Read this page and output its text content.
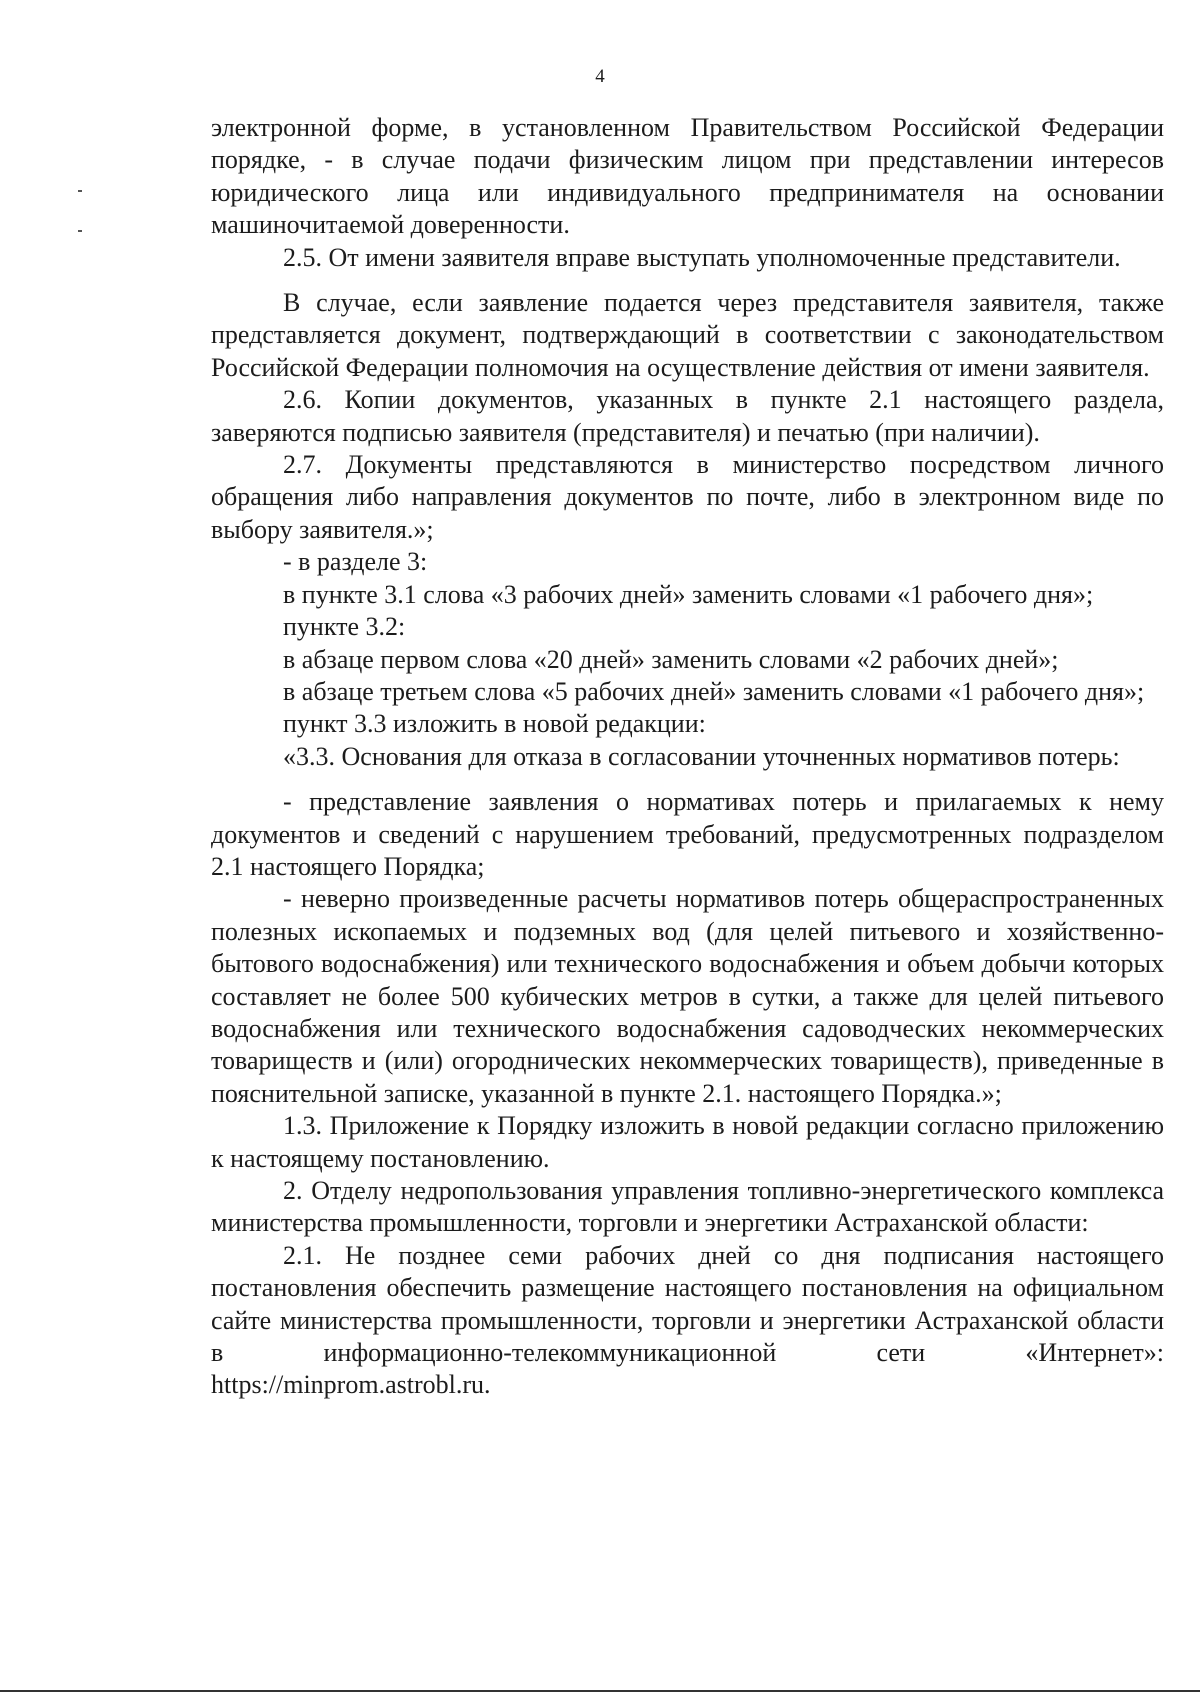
4

электронной форме, в установленном Правительством Российской Федерации порядке, - в случае подачи физическим лицом при представлении интересов юридического лица или индивидуального предпринимателя на основании машиночитаемой доверенности.

2.5. От имени заявителя вправе выступать уполномоченные представители.

В случае, если заявление подается через представителя заявителя, также представляется документ, подтверждающий в соответствии с законодательством Российской Федерации полномочия на осуществление действия от имени заявителя.

2.6. Копии документов, указанных в пункте 2.1 настоящего раздела, заверяются подписью заявителя (представителя) и печатью (при наличии).

2.7. Документы представляются в министерство посредством личного обращения либо направления документов по почте, либо в электронном виде по выбору заявителя.»;

- в разделе 3:

в пункте 3.1 слова «3 рабочих дней» заменить словами «1 рабочего дня»;

пункте 3.2:

в абзаце первом слова «20 дней» заменить словами «2 рабочих дней»;

в абзаце третьем слова «5 рабочих дней» заменить словами «1 рабочего дня»;

пункт 3.3 изложить в новой редакции:

«3.3. Основания для отказа в согласовании уточненных нормативов потерь:

- представление заявления о нормативах потерь и прилагаемых к нему документов и сведений с нарушением требований, предусмотренных подразделом 2.1 настоящего Порядка;

- неверно произведенные расчеты нормативов потерь общераспространенных полезных ископаемых и подземных вод (для целей питьевого и хозяйственно-бытового водоснабжения) или технического водоснабжения и объем добычи которых составляет не более 500 кубических метров в сутки, а также для целей питьевого водоснабжения или технического водоснабжения садоводческих некоммерческих товариществ и (или) огороднических некоммерческих товариществ), приведенные в пояснительной записке, указанной в пункте 2.1. настоящего Порядка.»;

1.3. Приложение к Порядку изложить в новой редакции согласно приложению к настоящему постановлению.

2. Отделу недропользования управления топливно-энергетического комплекса министерства промышленности, торговли и энергетики Астраханской области:

2.1. Не позднее семи рабочих дней со дня подписания настоящего постановления обеспечить размещение настоящего постановления на официальном сайте министерства промышленности, торговли и энергетики Астраханской области в информационно-телекоммуникационной сети «Интернет»: https://minprom.astrobl.ru.
